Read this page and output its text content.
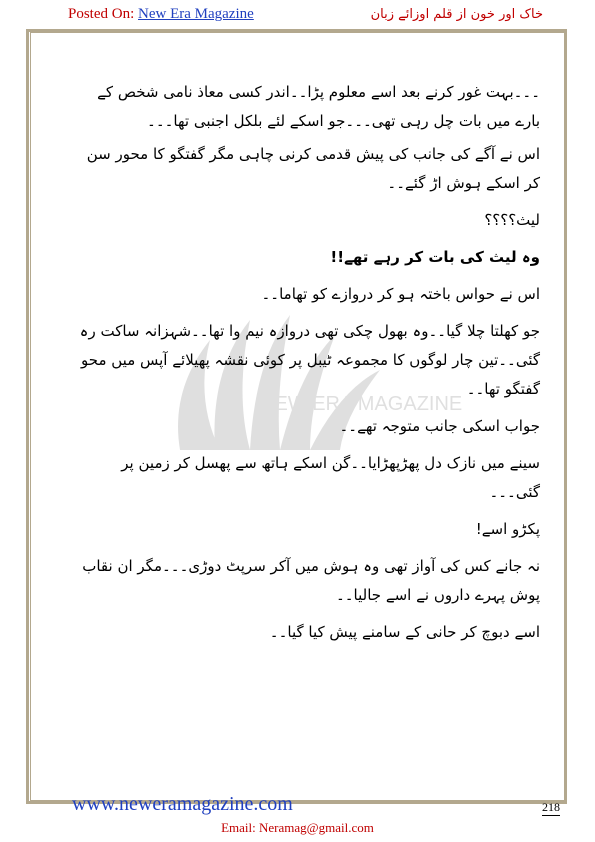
Posted On: New Era Magazine	خاک اور خون از قلم اوزائے زبان
NEW ERA MAGAZINE

۔۔۔بہت غور کرنے بعد اسے معلوم پڑا۔۔اندر کسی معاذ نامی شخص کے بارے میں بات چل رہی تھی۔۔۔جو اسکے لئے بلکل اجنبی تھا۔۔۔

اس نے آگے کی جانب کی پیش قدمی کرنی چاہی مگر گفتگو کا محور سن کر اسکے ہوش اڑ گئے۔۔

لیث؟؟؟؟

وہ لیث کی بات کر رہے تھے!!

اس نے حواس باختہ ہو کر دروازے کو تھاما۔۔

جو کھلتا چلا گیا۔۔وہ بھول چکی تھی دروازہ نیم وا تھا۔۔شہزانہ ساکت رہ گئی۔۔تین چار لوگوں کا مجموعہ ٹیبل پر کوئی نقشہ پھیلائے آپس میں محو گفتگو تھا۔۔

جواب اسکی جانب متوجہ تھے۔۔

سینے میں نازک دل پھڑپھڑایا۔۔گن اسکے ہاتھ سے پھسل کر زمین پر گئی۔۔۔

پکڑو اسے!

نہ جانے کس کی آواز تھی وہ ہوش میں آکر سرپٹ دوڑی۔۔۔مگر ان نقاب پوش پہرے داروں نے اسے جالیا۔۔

اسے دبوچ کر حانی کے سامنے پیش کیا گیا۔۔

www.neweramagazine.com	218
Email: Neramag@gmail.com
